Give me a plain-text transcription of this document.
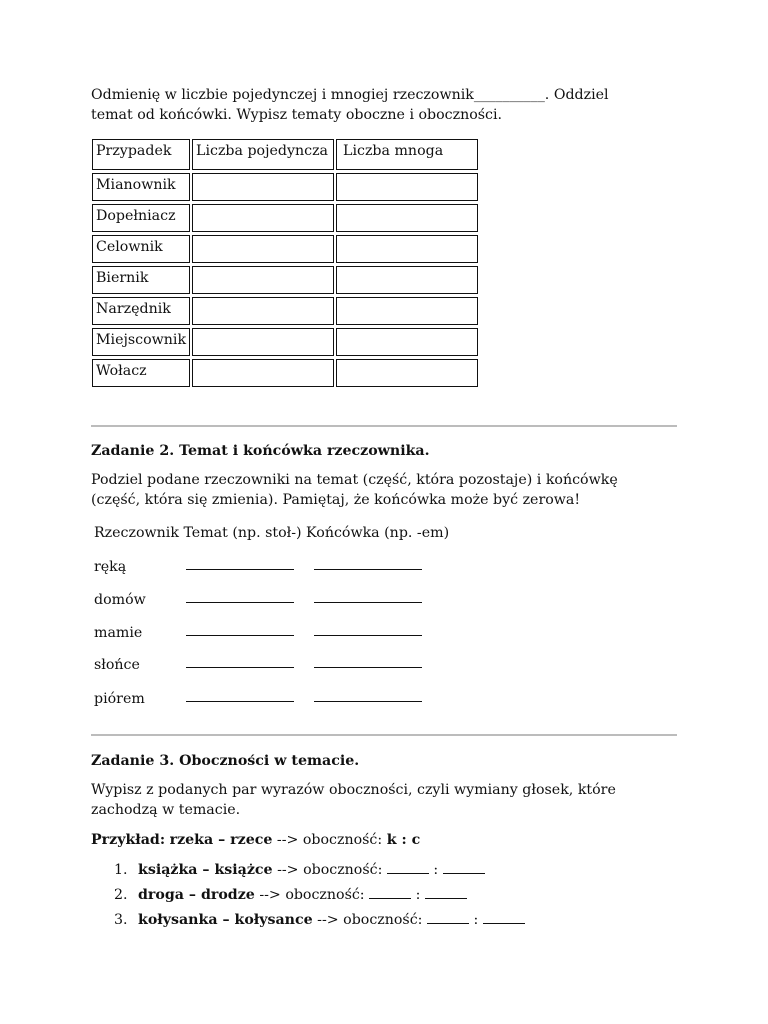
Odmienię w liczbie pojedynczej i mnogiej rzeczownik__________. Oddziel

temat od końcówki. Wypisz tematy oboczne i oboczności.

Przypadek	Liczba pojedyncza	Liczba mnoga
Mianownik		
Dopełniacz		
Celownik		
Biernik		
Narzędnik		
Miejscownik		
Wołacz		

Zadanie 2. Temat i końcówka rzeczownika.

Podziel podane rzeczowniki na temat (część, która pozostaje) i końcówkę

(część, która się zmienia). Pamiętaj, że końcówka może być zerowa!

Rzeczownik Temat (np. stoł-) Końcówka (np. -em)

ręką
domów
mamie
słońce
piórem

Zadanie 3. Oboczności w temacie.

Wypisz z podanych par wyrazów oboczności, czyli wymiany głosek, które

zachodzą w temacie.

Przykład: rzeka – rzece --> oboczność: k : c

1. książka – książce --> oboczność:	:
2. droga – drodze --> oboczność:	:
3. kołysanka – kołysance --> oboczność:	:
